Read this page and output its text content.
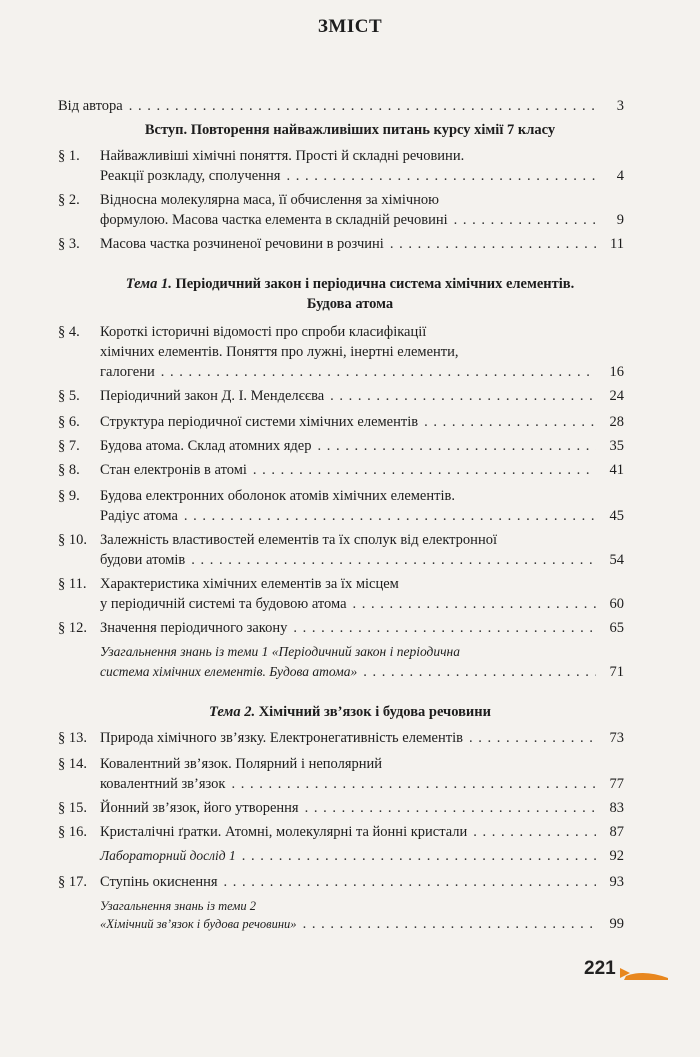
ЗМІСТ
Від автора . . .	3
Вступ. Повторення найважливіших питань курсу хімії 7 класу
§ 1. Найважливіші хімічні поняття. Прості й складні речовини.
Реакції розкладу, сполучення . . .	4
§ 2. Відносна молекулярна маса, її обчислення за хімічною
формулою. Масова частка елемента в складній речовині . . .	9
§ 3.	Масова частка розчиненої речовини в розчині . . .	11
Тема 1. Періодичний закон і періодична система хімічних елементів.
Будова атома
§ 4. Короткі історичні відомості про спроби класифікації
хімічних елементів. Поняття про лужні, інертні елементи,
галогени . . .	16
§ 5.	Періодичний закон Д. І. Менделєєва . . .	24
§ 6.	Структура періодичної системи хімічних елементів . . .	28
§ 7.	Будова атома. Склад атомних ядер . . .	35
§ 8.	Стан електронів в атомі . . .	41
§ 9. Будова електронних оболонок атомів хімічних елементів.
Радіус атома . . .	45
§ 10. Залежність властивостей елементів та їх сполук від електронної
будови атомів . . .	54
§ 11. Характеристика хімічних елементів за їх місцем
у періодичній системі та будовою атома . . .	60
§ 12. Значення періодичного закону . . .	65
Узагальнення знань із теми 1 «Періодичний закон і періодична
система хімічних елементів. Будова атома» . . .	71
Тема 2. Хімічний зв’язок і будова речовини
§ 13. Природа хімічного зв’язку. Електронегативність елементів . . .	73
§ 14. Ковалентний зв’язок. Полярний і неполярний
ковалентний зв’язок . . .	77
§ 15. Йонний зв’язок, його утворення . . .	83
§ 16. Кристалічні ґратки. Атомні, молекулярні та йонні кристали . . .	87
Лабораторний дослід 1 . . .	92
§ 17. Ступінь окиснення . . .	93
Узагальнення знань із теми 2
«Хімічний зв’язок і будова речовини» . . .	99
221
